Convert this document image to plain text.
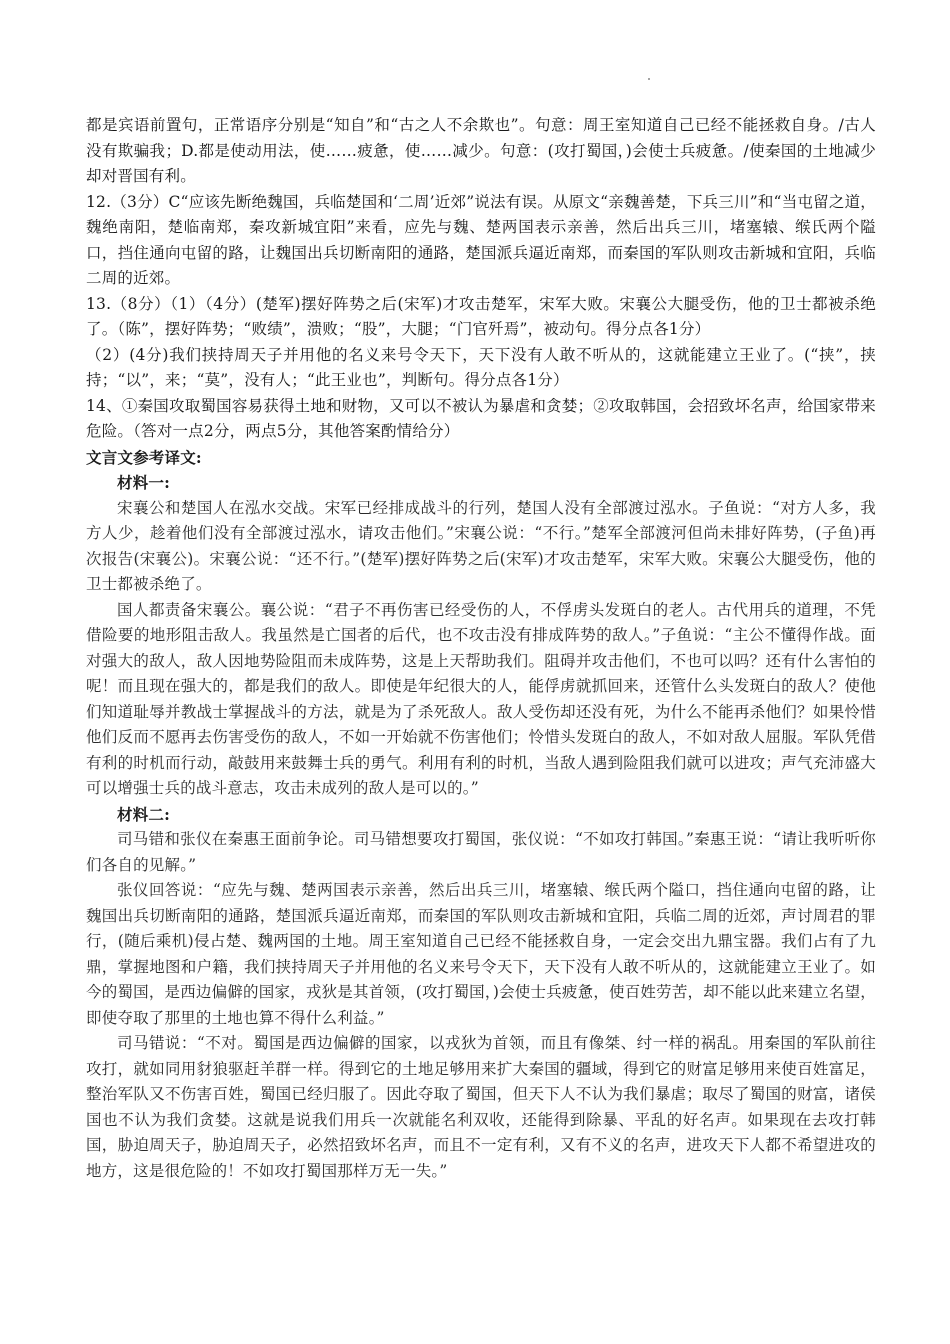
都是宾语前置句，正常语序分别是“知自”和“古之人不余欺也”。句意：周王室知道自己已经不能拯救自身。/古人没有欺骗我；D.都是使动用法，使……疲惫，使……减少。句意：(攻打蜀国，)会使士兵疲惫。/使秦国的土地减少却对晋国有利。

12.（3分）C“应该先断绝魏国，兵临楚国和‘二周’近郊”说法有误。从原文“亲魏善楚，下兵三川”和“当屯留之道，魏绝南阳，楚临南郑，秦攻新城宜阳”来看，应先与魏、楚两国表示亲善，然后出兵三川，堵塞辕、缑氏两个隘口，挡住通向屯留的路，让魏国出兵切断南阳的通路，楚国派兵逼近南郑，而秦国的军队则攻击新城和宜阳，兵临二周的近郊。

13.（8分）（1）（4分）(楚军)摆好阵势之后(宋军)才攻击楚军，宋军大败。宋襄公大腿受伤，他的卫士都被杀绝了。（陈”，摆好阵势；“败绩”，溃败；“股”，大腿；“门官歼焉”，被动句。得分点各1分）

（2）(4分)我们挟持周天子并用他的名义来号令天下，天下没有人敢不听从的，这就能建立王业了。(“挟”，挟持；“以”，来；“莫”，没有人；“此王业也”，判断句。得分点各1分）

14、①秦国攻取蜀国容易获得土地和财物，又可以不被认为暴虐和贪婪；②攻取韩国，会招致坏名声，给国家带来危险。（答对一点2分，两点5分，其他答案酌情给分）

文言文参考译文:

材料一:

宋襄公和楚国人在泓水交战。宋军已经排成战斗的行列，楚国人没有全部渡过泓水。子鱼说：“对方人多，我方人少，趁着他们没有全部渡过泓水，请攻击他们。”宋襄公说：“不行。”楚军全部渡河但尚未排好阵势，(子鱼)再次报告(宋襄公)。宋襄公说：“还不行。”(楚军)摆好阵势之后(宋军)才攻击楚军，宋军大败。宋襄公大腿受伤，他的卫士都被杀绝了。

国人都责备宋襄公。襄公说：“君子不再伤害已经受伤的人，不俘虏头发斑白的老人。古代用兵的道理，不凭借险要的地形阻击敌人。我虽然是亡国者的后代，也不攻击没有排成阵势的敌人。”子鱼说：“主公不懂得作战。面对强大的敌人，敌人因地势险阻而未成阵势，这是上天帮助我们。阻碍并攻击他们，不也可以吗？还有什么害怕的呢！而且现在强大的，都是我们的敌人。即使是年纪很大的人，能俘虏就抓回来，还管什么头发斑白的敌人？使他们知道耻辱并教战士掌握战斗的方法，就是为了杀死敌人。敌人受伤却还没有死，为什么不能再杀他们？如果怜惜他们反而不愿再去伤害受伤的敌人，不如一开始就不伤害他们；怜惜头发斑白的敌人，不如对敌人屈服。军队凭借有利的时机而行动，敲鼓用来鼓舞士兵的勇气。利用有利的时机，当敌人遇到险阻我们就可以进攻；声气充沛盛大可以增强士兵的战斗意志，攻击未成列的敌人是可以的。”

材料二:

司马错和张仪在秦惠王面前争论。司马错想要攻打蜀国，张仪说：“不如攻打韩国。”秦惠王说：“请让我听听你们各自的见解。”

张仪回答说：“应先与魏、楚两国表示亲善，然后出兵三川，堵塞辕、缑氏两个隘口，挡住通向屯留的路，让魏国出兵切断南阳的通路，楚国派兵逼近南郑，而秦国的军队则攻击新城和宜阳，兵临二周的近郊，声讨周君的罪行，(随后乘机)侵占楚、魏两国的土地。周王室知道自己已经不能拯救自身，一定会交出九鼎宝器。我们占有了九鼎，掌握地图和户籍，我们挟持周天子并用他的名义来号令天下，天下没有人敢不听从的，这就能建立王业了。如今的蜀国，是西边偏僻的国家，戎狄是其首领，(攻打蜀国，)会使士兵疲惫，使百姓劳苦，却不能以此来建立名望，即使夺取了那里的土地也算不得什么利益。”

司马错说：“不对。蜀国是西边偏僻的国家，以戎狄为首领，而且有像桀、纣一样的祸乱。用秦国的军队前往攻打，就如同用豺狼驱赶羊群一样。得到它的土地足够用来扩大秦国的疆域，得到它的财富足够用来使百姓富足，整治军队又不伤害百姓，蜀国已经归服了。因此夺取了蜀国，但天下人不认为我们暴虐；取尽了蜀国的财富，诸侯国也不认为我们贪婪。这就是说我们用兵一次就能名利双收，还能得到除暴、平乱的好名声。如果现在去攻打韩国，胁迫周天子，胁迫周天子，必然招致坏名声，而且不一定有利，又有不义的名声，进攻天下人都不希望进攻的地方，这是很危险的！不如攻打蜀国那样万无一失。”
